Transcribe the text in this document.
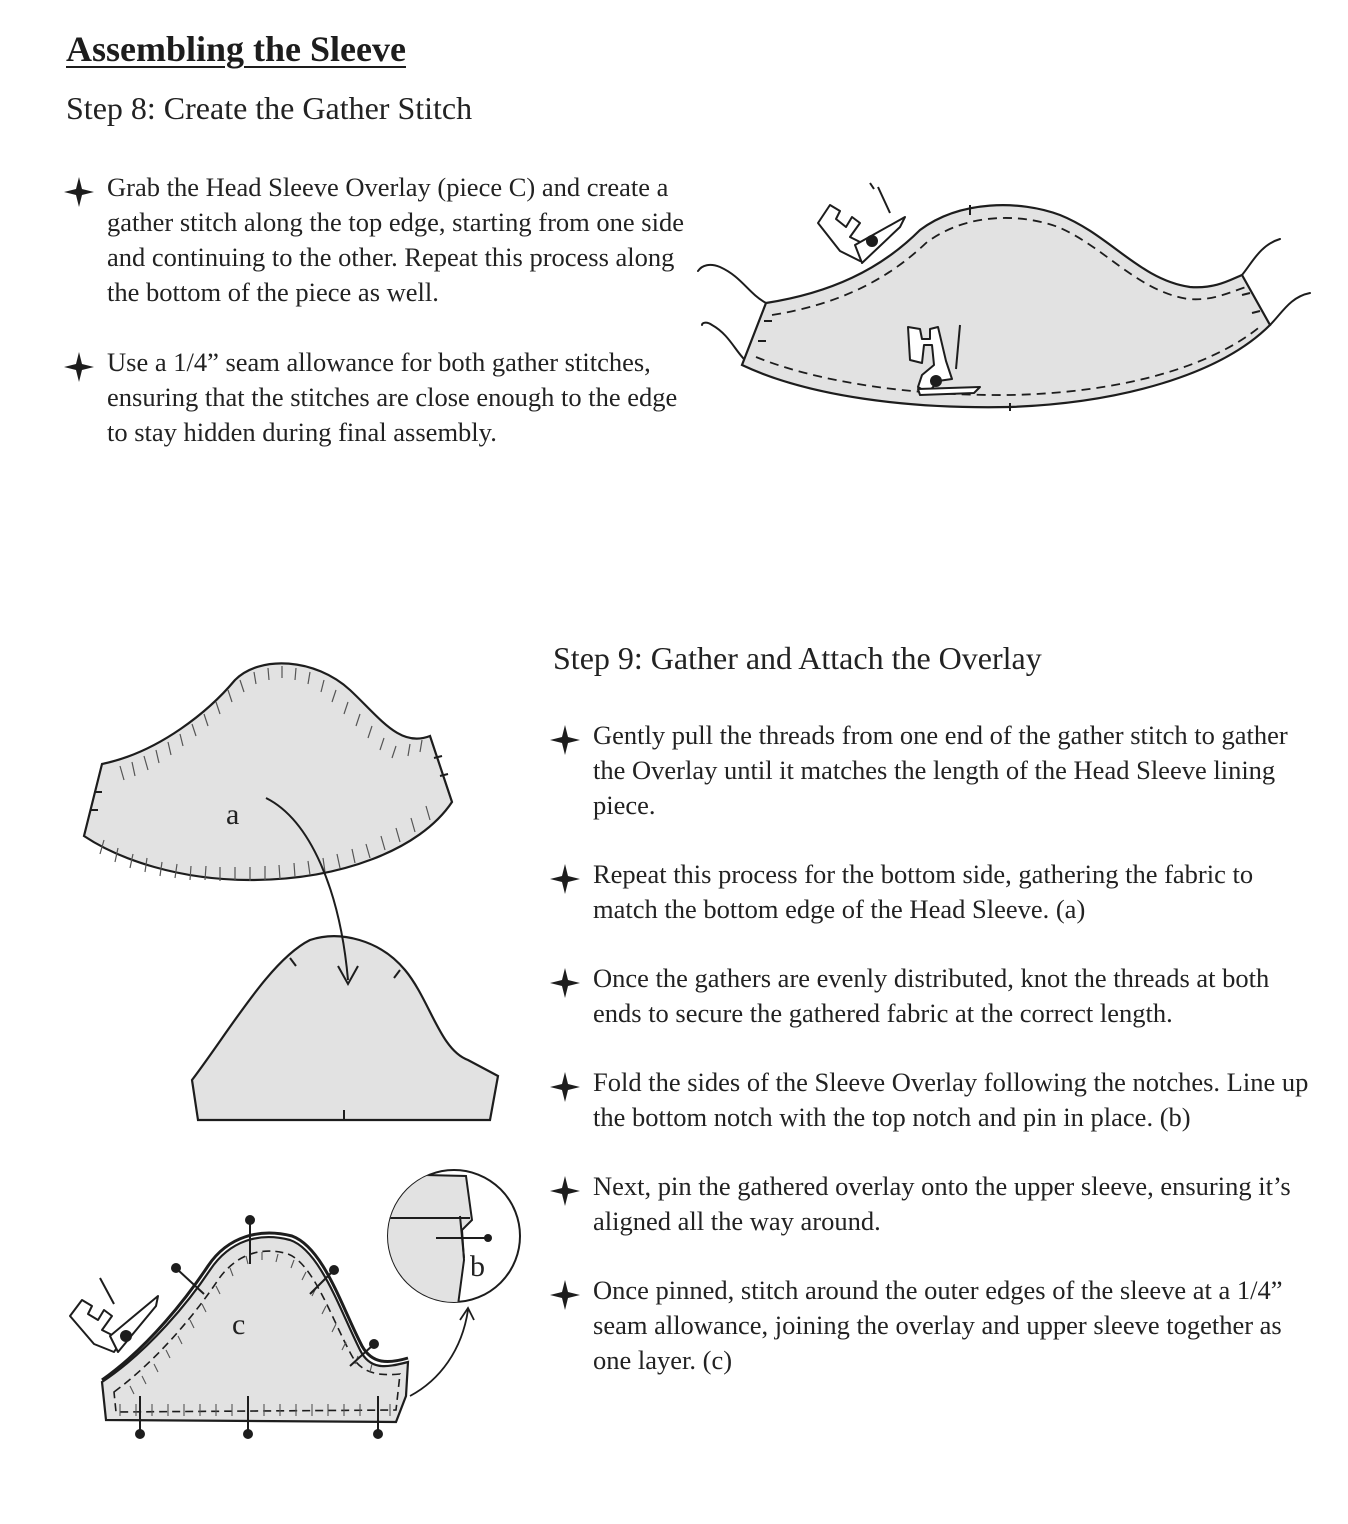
Assembling the Sleeve
Step 8: Create the Gather Stitch
Grab the Head Sleeve Overlay (piece C) and create a gather stitch along the top edge, starting from one side and continuing to the other. Repeat this process along the bottom of the piece as well.
Use a 1/4” seam allowance for both gather stitches, ensuring that the stitches are close enough to the edge to stay hidden during final assembly.
Step 9: Gather and Attach the Overlay
Gently pull the threads from one end of the gather stitch to gather the Overlay until it matches the length of the Head Sleeve lining piece.
Repeat this process for the bottom side, gathering the fabric to match the bottom edge of the Head Sleeve. (a)
Once the gathers are evenly distributed, knot the threads at both ends to secure the gathered fabric at the correct length.
Fold the sides of the Sleeve Overlay following the notches. Line up the bottom notch with the top notch and pin in place. (b)
Next, pin the gathered overlay onto the upper sleeve, ensuring it’s aligned all the way around.
Once pinned, stitch around the outer edges of the sleeve at a 1/4” seam allowance, joining the overlay and upper sleeve together as one layer. (c)
a
c
b
